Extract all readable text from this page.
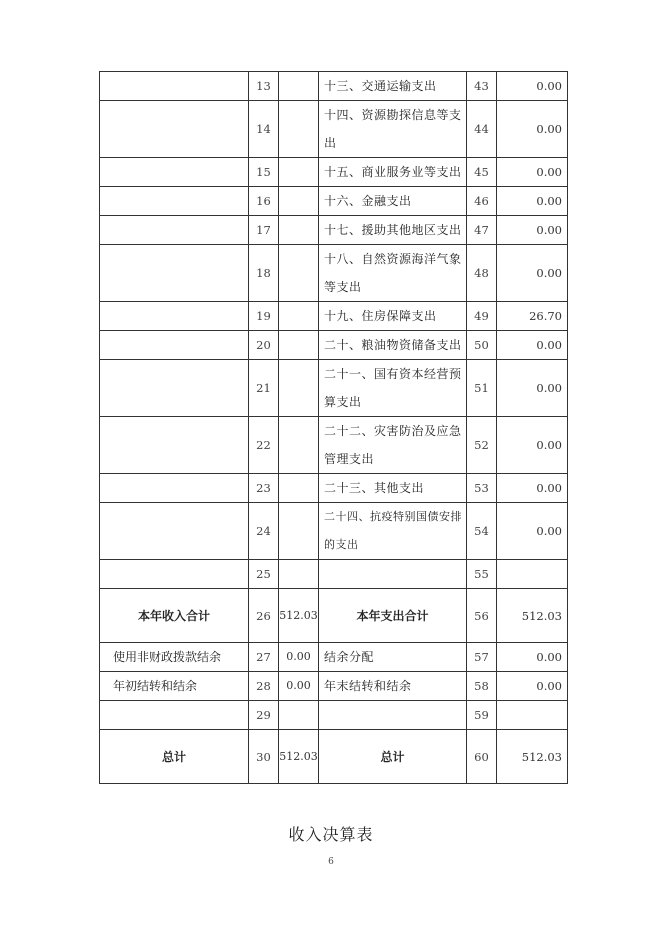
	13		十三、交通运输支出	43	0.00
	14		十四、资源勘探信息等支出	44	0.00
	15		十五、商业服务业等支出	45	0.00
	16		十六、金融支出	46	0.00
	17		十七、援助其他地区支出	47	0.00
	18		十八、自然资源海洋气象等支出	48	0.00
	19		十九、住房保障支出	49	26.70
	20		二十、粮油物资储备支出	50	0.00
	21		二十一、国有资本经营预算支出	51	0.00
	22		二十二、灾害防治及应急管理支出	52	0.00
	23		二十三、其他支出	53	0.00
	24		二十四、抗疫特别国债安排的支出	54	0.00
	25			55	
本年收入合计	26	512.03	本年支出合计	56	512.03
使用非财政拨款结余	27	0.00	结余分配	57	0.00
年初结转和结余	28	0.00	年末结转和结余	58	0.00
	29			59	
总计	30	512.03	总计	60	512.03
收入决算表
6
